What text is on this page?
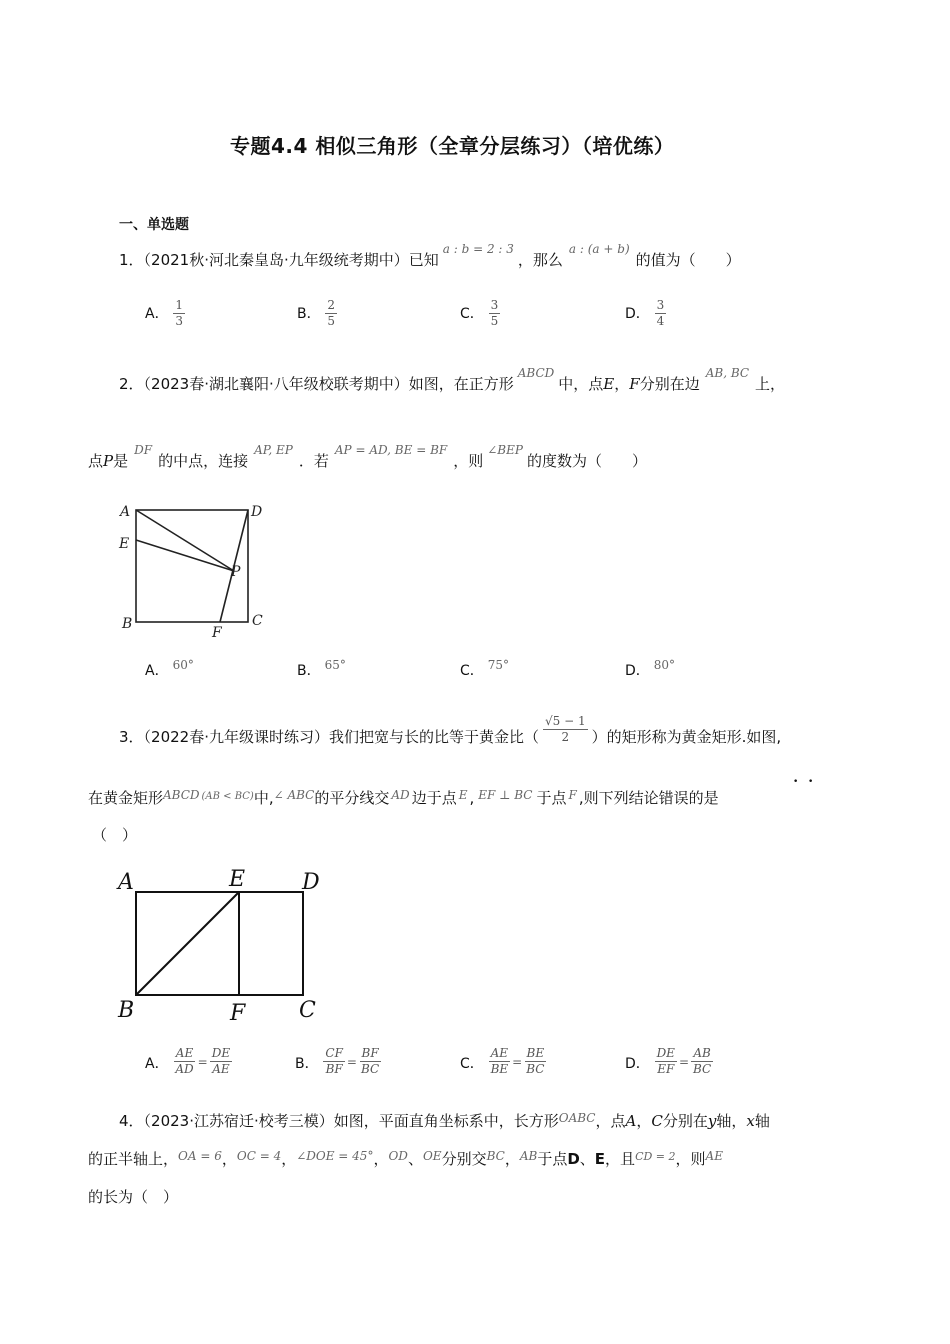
专题4.4 相似三角形（全章分层练习）（培优练）
一、单选题
1．（2021秋·河北秦皇岛·九年级统考期中）已知$^{a : b = 2 : 3}$，那么$^{a : (a + b)}$的值为（　　）
A． $\frac{1}{3}$	B． $\frac{2}{5}$	C． $\frac{3}{5}$	D． $\frac{3}{4}$
2．（2023春·湖北襄阳·八年级校联考期中）如图，在正方形$^{ABCD}$中，点E，F分别在边$^{AB, BC}$上，
点P是$^{DF}$的中点，连接$^{AP, EP}$．若$^{AP = AD, BE = BF}$，则$^{\angle BEP}$的度数为（　　）
A	D
E
P
B
F
C
A． $^{60^\circ}$	B． $^{65^\circ}$	C． $^{75^\circ}$	D． $^{80^\circ}$
3．（2022春·九年级课时练习）我们把宽与长的比等于黄金比（ $\frac{√5 - 1}{2}$ ）的矩形称为黄金矩形.如图,
在黄金矩形$^{ABCD}$ $^{(AB < BC)}$中,$^{\angle ABC}$的平分线交 $^{AD}$ 边于点 $^E$ , $^{EF \perp BC}$ 于点 $^F$ ,则下列结论错误的是
• •
（　）
A	E	D
B	F C
A． $\frac{AE}{AD} = \frac{DE}{AE}$	B． $\frac{CF}{BF} = \frac{BF}{BC}$	C． $\frac{AE}{BE} = \frac{BE}{BC}$	D． $\frac{DE}{EF} = \frac{AB}{BC}$
4．（2023·江苏宿迁·校考三模）如图，平面直角坐标系中，长方形$^{OABC}$，点A，C分别在y轴，x轴
的正半轴上，$^{OA = 6}$，$^{OC = 4}$，$^{\angle DOE = 45^\circ}$，$^{OD}$、$^{OE}$分别交$^{BC}$，$^{AB}$于点D、E，且$^{CD = 2}$，则$^{AE}$
的长为（　）
